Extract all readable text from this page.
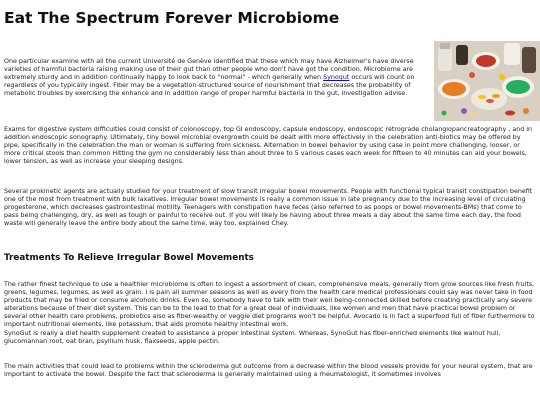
Eat The Spectrum Forever Microbiome

One particular examine with all the current Université de Genève identified that these which may have Alzheimer's have diverse varieties of harmful bacteria raising making use of their gut than other people who don't have got the condition. Microbiome are extremely sturdy and in addition continually happy to look back to "normal" - which generally when Synogut occurs will count on regardless of you typically ingest. Fiber may be a vegetation-structured source of nourishment that decreases the probability of metabolic troubles by exercising the enhance and in addition range of proper harmful bacteria in the gut, investigation advise.

Exams for digestive system difficulties could consist of colonoscopy, top GI endoscopy, capsule endoscopy, endoscopic retrograde cholangiopancreatography , and in addition endoscopic sonography. Ultimately, tiny bowel microbial overgrowth could be dealt with more effectively in the celebration anti-biotics may be offered by pipe, specifically in the celebration the man or woman is suffering from sickness. Alternation in bowel behavior by using case in point more challenging, looser, or more critical stools than common Hitting the gym no considerably less than about three to 5 various cases each week for fifteen to 40 minutes can aid your bowels, lower tension, as well as increase your sleeping designs.

Several prokinetic agents are actually studied for your treatment of slow transit irregular bowel movements. People with functional typical transit constipation benefit one of the most from treatment with bulk laxatives. Irregular bowel movements is really a common issue in late pregnancy due to the increasing level of circulating progesterone, which decreases gastrointestinal motility. Teenagers with constipation have feces (also referred to as poops or bowel movements-BMs) that come to pass being challenging, dry, as well as tough or painful to receive out. If you will likely be having about three meals a day about the same time each day, the food waste will generally leave the entire body about the same time, way too, explained Chey.

Treatments To Relieve Irregular Bowel Movements

The rather finest technique to use a healthier microbiome is often to ingest a assortment of clean, comprehensive meals, generally from grow sources like fresh fruits, greens, legumes, legumes, as well as grain. I is pain all summer seasons as well as every from the health care medical professionals could say was never take in food products that may be fried or consume alcoholic drinks. Even so, somebody have to talk with their well being-connected skilled before creating practically any severe alterations because of their diet system. This can be to the lead to that for a great deal of individuals, like women and men that have practical bowel problem or several other health care problems, probiotics also as fiber-wealthy or veggie diet programs won't be helpful. Avocado is in fact a superfood full of fiber furthermore to important nutritional elements, like potassium, that aids promote healthy intestinal work.

SynoGut is really a diet health supplement created to assistance a proper intestinal system. Whereas, SynoGut has fiber-enriched elements like walnut hull, glucomannan root, oat bran, psyllium husk, flaxseeds, apple pectin.

The main activities that could lead to problems within the scleroderma gut outcome from a decrease within the blood vessels provide for your neural system, that are important to activate the bowel. Despite the fact that scleroderma is generally maintained using a rheumatologist, it sometimes involves
